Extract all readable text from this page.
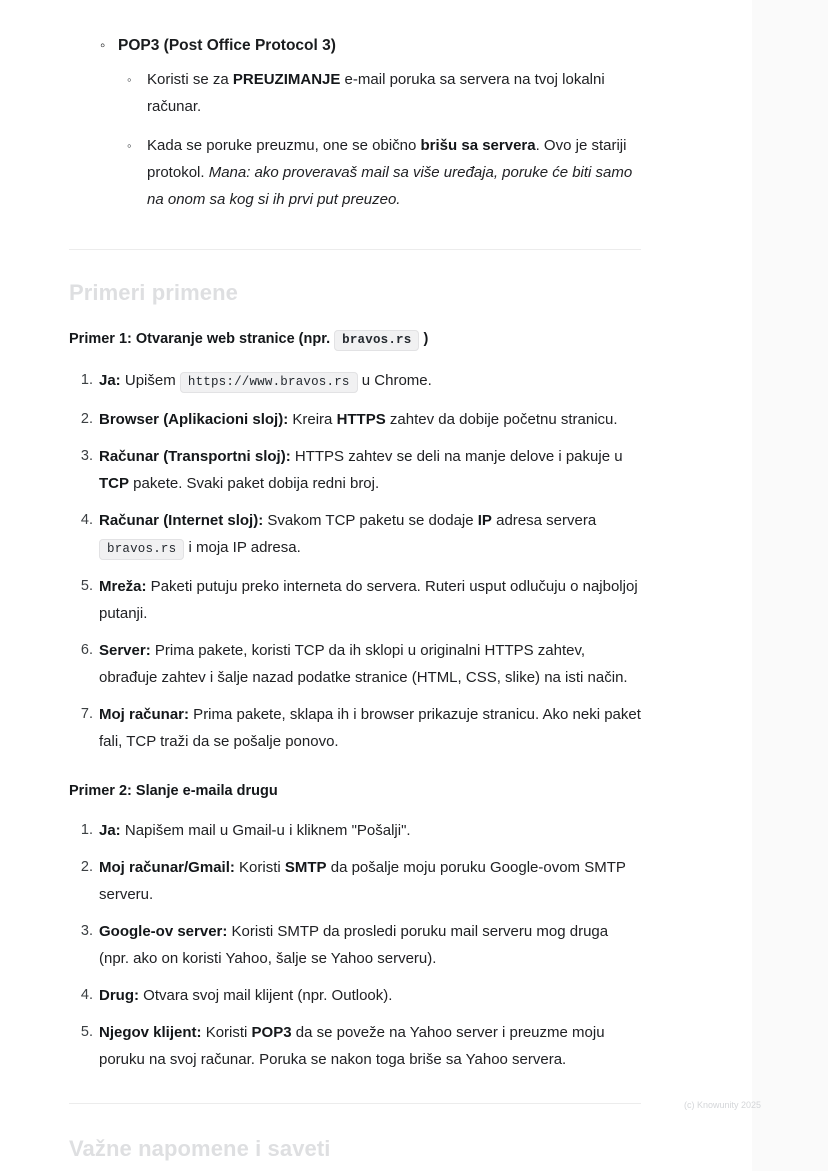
◦ POP3 (Post Office Protocol 3)
◦ Koristi se za PREUZIMANJE e-mail poruka sa servera na tvoj lokalni računar.
◦ Kada se poruke preuzmu, one se obično brišu sa servera. Ovo je stariji protokol. Mana: ako proveravaš mail sa više uređaja, poruke će biti samo na onom sa kog si ih prvi put preuzeo.
Primeri primene
Primer 1: Otvaranje web stranice (npr. bravos.rs )
Ja: Upišem https://www.bravos.rs u Chrome.
Browser (Aplikacioni sloj): Kreira HTTPS zahtev da dobije početnu stranicu.
Računar (Transportni sloj): HTTPS zahtev se deli na manje delove i pakuje u TCP pakete. Svaki paket dobija redni broj.
Računar (Internet sloj): Svakom TCP paketu se dodaje IP adresa servera bravos.rs i moja IP adresa.
Mreža: Paketi putuju preko interneta do servera. Ruteri usput odlučuju o najboljoj putanji.
Server: Prima pakete, koristi TCP da ih sklopi u originalni HTTPS zahtev, obrađuje zahtev i šalje nazad podatke stranice (HTML, CSS, slike) na isti način.
Moj računar: Prima pakete, sklapa ih i browser prikazuje stranicu. Ako neki paket fali, TCP traži da se pošalje ponovo.
Primer 2: Slanje e-maila drugu
Ja: Napišem mail u Gmail-u i kliknem "Pošalji".
Moj računar/Gmail: Koristi SMTP da pošalje moju poruku Google-ovom SMTP serveru.
Google-ov server: Koristi SMTP da prosledi poruku mail serveru mog druga (npr. ako on koristi Yahoo, šalje se Yahoo serveru).
Drug: Otvara svoj mail klijent (npr. Outlook).
Njegov klijent: Koristi POP3 da se poveže na Yahoo server i preuzme moju poruku na svoj računar. Poruka se nakon toga briše sa Yahoo servera.
Važne napomene i saveti
(c) Knowunity 2025
